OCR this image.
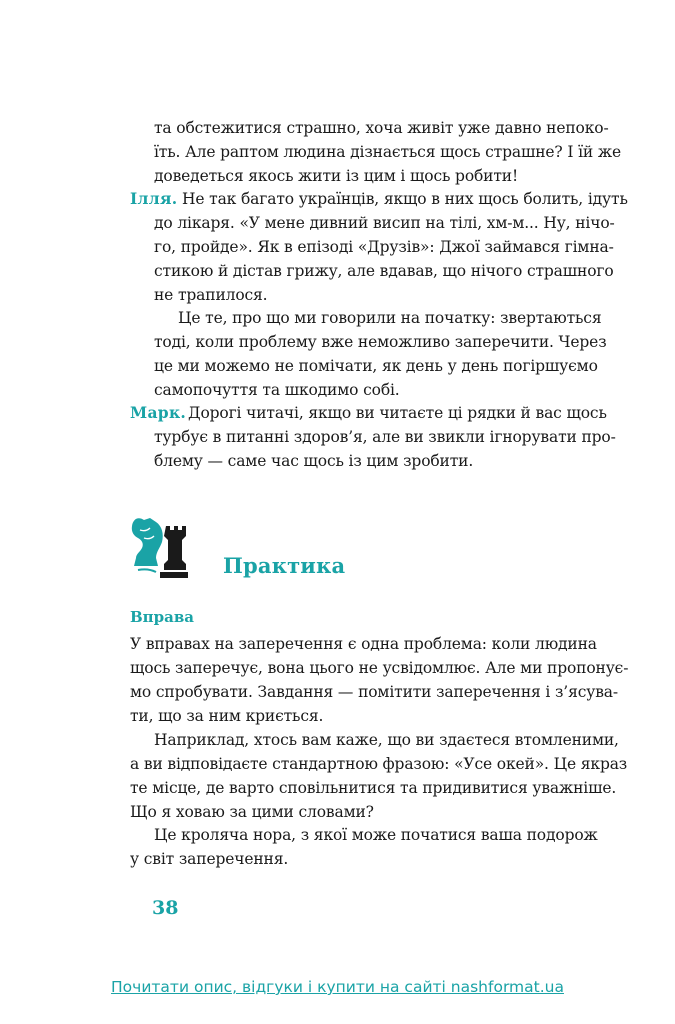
та обстежитися страшно, хоча живіт уже давно непоко-
їть. Але раптом людина дізнається щось страшне? І їй же
доведеться якось жити із цим і щось робити!
Ілля. Не так багато українців, якщо в них щось болить, ідуть
до лікаря. «У мене дивний висип на тілі, хм-м... Ну, нічо-
го, пройде». Як в епізоді «Друзів»: Джої займався гімна-
стикою й дістав грижу, але вдавав, що нічого страшного
не трапилося.
Це те, про що ми говорили на початку: звертаються
тоді, коли проблему вже неможливо заперечити. Через
це ми можемо не помічати, як день у день погіршуємо
самопочуття та шкодимо собі.
Марк. Дорогі читачі, якщо ви читаєте ці рядки й вас щось
турбує в питанні здоров’я, але ви звикли ігнорувати про-
блему — саме час щось із цим зробити.
Практика
Вправа
У вправах на заперечення є одна проблема: коли людина
щось заперечує, вона цього не усвідомлює. Але ми пропонує-
мо спробувати. Завдання — помітити заперечення і з’ясува-
ти, що за ним криється.
Наприклад, хтось вам каже, що ви здаєтеся втомленими,
а ви відповідаєте стандартною фразою: «Усе окей». Це якраз
те місце, де варто сповільнитися та придивитися уважніше.
Що я ховаю за цими словами?
Це кроляча нора, з якої може початися ваша подорож
у світ заперечення.
38
Почитати опис, відгуки і купити на сайті nashformat.ua
